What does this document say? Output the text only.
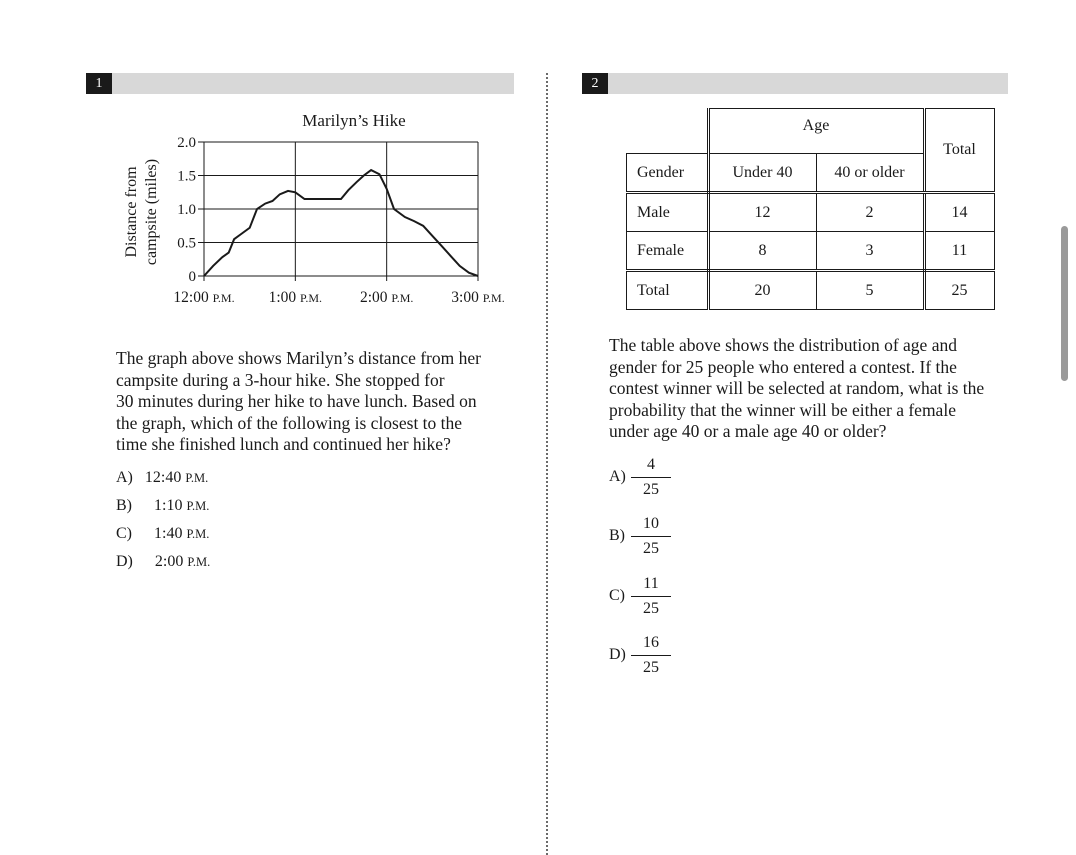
1	2
Marilyn’s Hike
0
0.5
1.0
1.5
2.0
12:00 P.M. 1:00 P.M. 2:00 P.M. 3:00 P.M.
Distance from campsite (miles)
The graph above shows Marilyn’s distance from her
campsite during a 3-hour hike. She stopped for
30 minutes during her hike to have lunch. Based on
the graph, which of the following is closest to the
time she finished lunch and continued her hike?
A) 12:40 P.M.
B) 1:10 P.M.
C) 1:40 P.M.
D) 2:00 P.M.
	Age		Total
Gender	Under 40	40 or older	
Male	12	2	14
Female	8	3	11
Total	20	5	25
The table above shows the distribution of age and
gender for 25 people who entered a contest. If the
contest winner will be selected at random, what is the
probability that the winner will be either a female
under age 40 or a male age 40 or older?
$A) \frac{4}{25}$
$B) \frac{10}{25}$
$C) \frac{11}{25}$
$D) \frac{16}{25}$
